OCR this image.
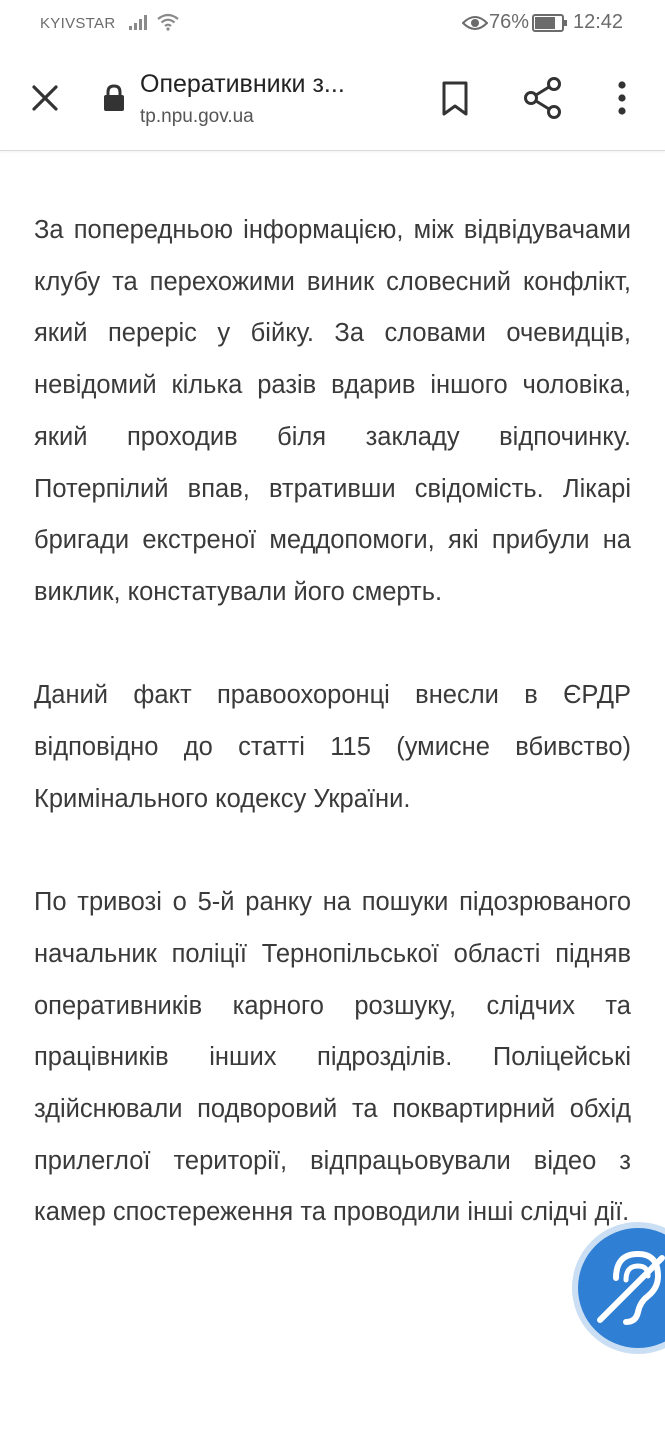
KYIVSTAR	76% 12:42
Оперативники з...
tp.npu.gov.ua

За попередньою інформацією, між відвідувачами клубу та перехожими виник словесний конфлікт, який переріс у бійку. За словами очевидців, невідомий кілька разів вдарив іншого чоловіка, який проходив біля закладу відпочинку. Потерпілий впав, втративши свідомість. Лікарі бригади екстреної меддопомоги, які прибули на виклик, констатували його смерть.

Даний факт правоохоронці внесли в ЄРДР відповідно до статті 115 (умисне вбивство) Кримінального кодексу України.

По тривозі о 5-й ранку на пошуки підозрюваного начальник поліції Тернопільської області підняв оперативників карного розшуку, слідчих та працівників інших підрозділів. Поліцейські здійснювали подворовий та поквартирний обхід прилеглої території, відпрацьовували відео з камер спостереження та проводили інші слідчі дії.
